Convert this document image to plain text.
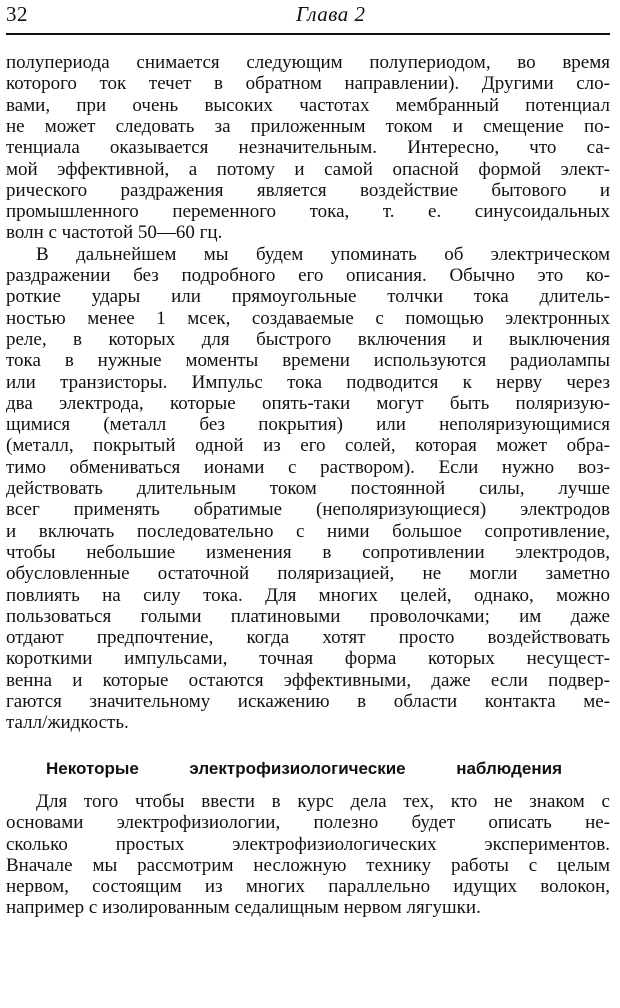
32	Глава 2
полупериода снимается следующим полупериодом, во время
которого ток течет в обратном направлении). Другими сло-
вами, при очень высоких частотах мембранный потенциал
не может следовать за приложенным током и смещение по-
тенциала оказывается незначительным. Интересно, что са-
мой эффективной, а потому и самой опасной формой элект-
рического раздражения является воздействие бытового и
промышленного переменного тока, т. е. синусоидальных
волн с частотой 50—60 гц.
В дальнейшем мы будем упоминать об электрическом
раздражении без подробного его описания. Обычно это ко-
роткие удары или прямоугольные толчки тока длитель-
ностью менее 1 мсек, создаваемые с помощью электронных
реле, в которых для быстрого включения и выключения
тока в нужные моменты времени используются радиолампы
или транзисторы. Импульс тока подводится к нерву через
два электрода, которые опять-таки могут быть поляризую-
щимися (металл без покрытия) или неполяризующимися
(металл, покрытый одной из его солей, которая может обра-
тимо обмениваться ионами с раствором). Если нужно воз-
действовать длительным током постоянной силы, лучше
всег применять обратимые (неполяризующиеся) электродов
и включать последовательно с ними большое сопротивление,
чтобы небольшие изменения в сопротивлении электродов,
обусловленные остаточной поляризацией, не могли заметно
повлиять на силу тока. Для многих целей, однако, можно
пользоваться голыми платиновыми проволочками; им даже
отдают предпочтение, когда хотят просто воздействовать
короткими импульсами, точная форма которых несущест-
венна и которые остаются эффективными, даже если подвер-
гаются значительному искажению в области контакта ме-
талл/жидкость.
Некоторые электрофизиологические наблюдения
Для того чтобы ввести в курс дела тех, кто не знаком с
основами электрофизиологии, полезно будет описать не-
сколько простых электрофизиологических экспериментов.
Вначале мы рассмотрим несложную технику работы с целым
нервом, состоящим из многих параллельно идущих волокон,
например с изолированным седалищным нервом лягушки.
